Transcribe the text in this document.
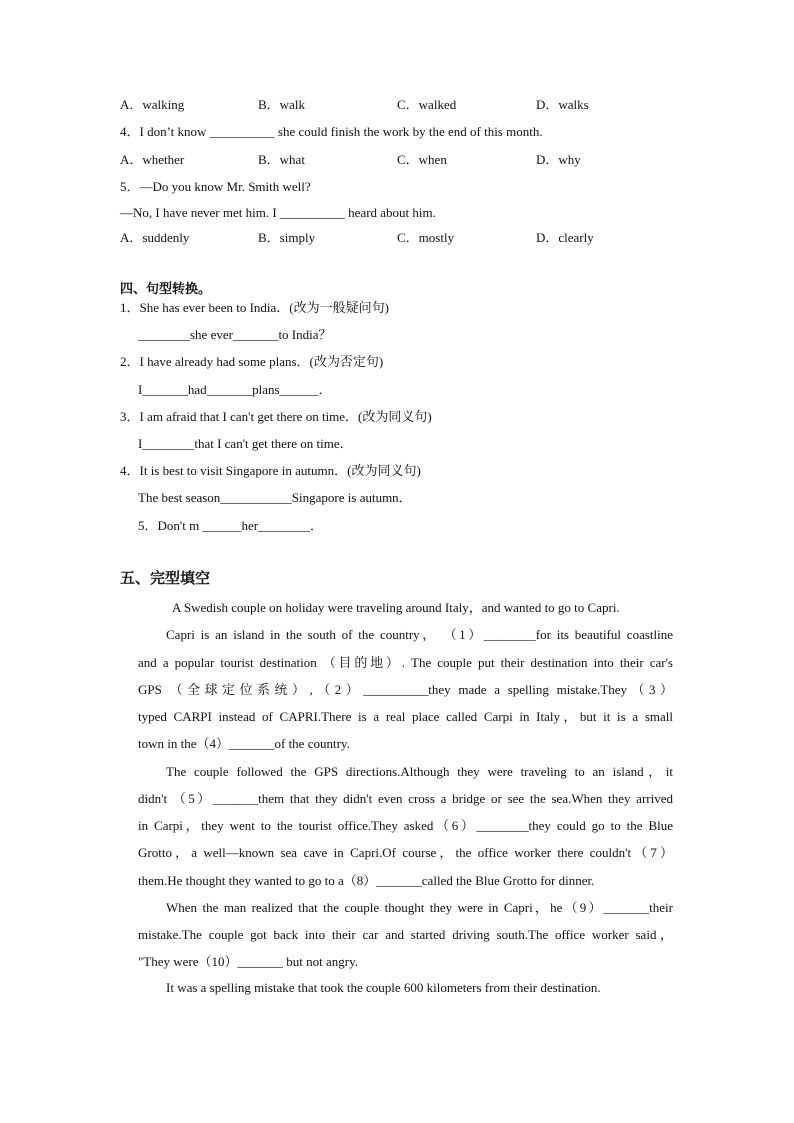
A．walking	B．walk	C．walked	D．walks
4．I don’t know __________ she could finish the work by the end of this month.
A．whether	B．what	C．when	D．why
5．—Do you know Mr. Smith well?
—No, I have never met him. I __________ heard about him.
A．suddenly	B．simply	C．mostly	D．clearly
四、句型转换。
1．She has ever been to India．(改为一般疑问句)
________she ever_______to India？
2．I have already had some plans．(改为否定句)
I_______had_______plans______．
3．I am afraid that I can't get there on time．(改为同义句)
I________that I can't get there on time．
4．It is best to visit Singapore in autumn．(改为同义句)
The best season___________Singapore is autumn．
5．Don't m ______her________．
五、完型填空
A Swedish couple on holiday were traveling around Italy，and wanted to go to Capri.
Capri is an island in the south of the country， （1）________for its beautiful coastline
and a popular tourist destination （目的地）. The couple put their destination into their car's
GPS （全球定位系统）,（2）__________they made a spelling mistake.They（3）
typed CARPI instead of CAPRI.There is a real place called Carpi in Italy，but it is a small
town in the（4）_______of the country.
The couple followed the GPS directions.Although they were traveling to an island，it
didn't （5）_______them that they didn't even cross a bridge or see the sea.When they arrived
in Carpi，they went to the tourist office.They asked（6）________they could go to the Blue
Grotto，a well—known sea cave in Capri.Of course，the office worker there couldn't（7）
them.He thought they wanted to go to a（8）_______called the Blue Grotto for dinner.
When the man realized that the couple thought they were in Capri，he（9）_______their
mistake.The couple got back into their car and started driving south.The office worker said，
"They were（10）_______ but not angry.
It was a spelling mistake that took the couple 600 kilometers from their destination.
